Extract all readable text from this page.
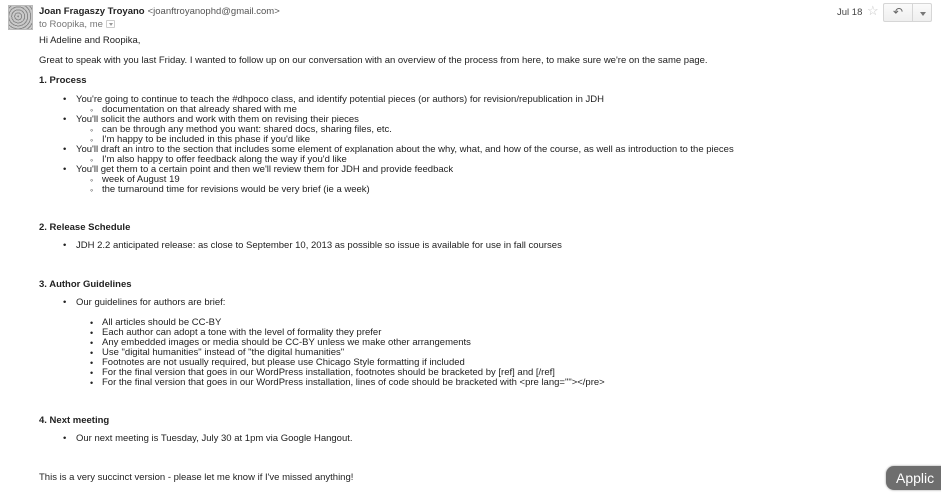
Joan Fragaszy Troyano <joanftroyanophd@gmail.com>
to Roopika, me
Jul 18 ☆	↶
Hi Adeline and Roopika,
Great to speak with you last Friday. I wanted to follow up on our conversation with an overview of the process from here, to make sure we're on the same page.
1. Process
• You're going to continue to teach the #dhpoco class, and identify potential pieces (or authors) for revision/republication in JDH
◦ documentation on that already shared with me
• You'll solicit the authors and work with them on revising their pieces
◦ can be through any method you want: shared docs, sharing files, etc.
◦ I'm happy to be included in this phase if you'd like
• You'll draft an intro to the section that includes some element of explanation about the why, what, and how of the course, as well as introduction to the pieces
◦ I'm also happy to offer feedback along the way if you'd like
• You'll get them to a certain point and then we'll review them for JDH and provide feedback
◦ week of August 19
◦ the turnaround time for revisions would be very brief (ie a week)
2. Release Schedule
• JDH 2.2 anticipated release: as close to September 10, 2013 as possible so issue is available for use in fall courses
3. Author Guidelines
• Our guidelines for authors are brief:
• All articles should be CC-BY
• Each author can adopt a tone with the level of formality they prefer
• Any embedded images or media should be CC-BY unless we make other arrangements
• Use "digital humanities" instead of "the digital humanities"
• Footnotes are not usually required, but please use Chicago Style formatting if included
• For the final version that goes in our WordPress installation, footnotes should be bracketed by [ref] and [/ref]
• For the final version that goes in our WordPress installation, lines of code should be bracketed with <pre lang=""></pre>
4. Next meeting
• Our next meeting is Tuesday, July 30 at 1pm via Google Hangout.
This is a very succinct version - please let me know if I've missed anything!	Applic
